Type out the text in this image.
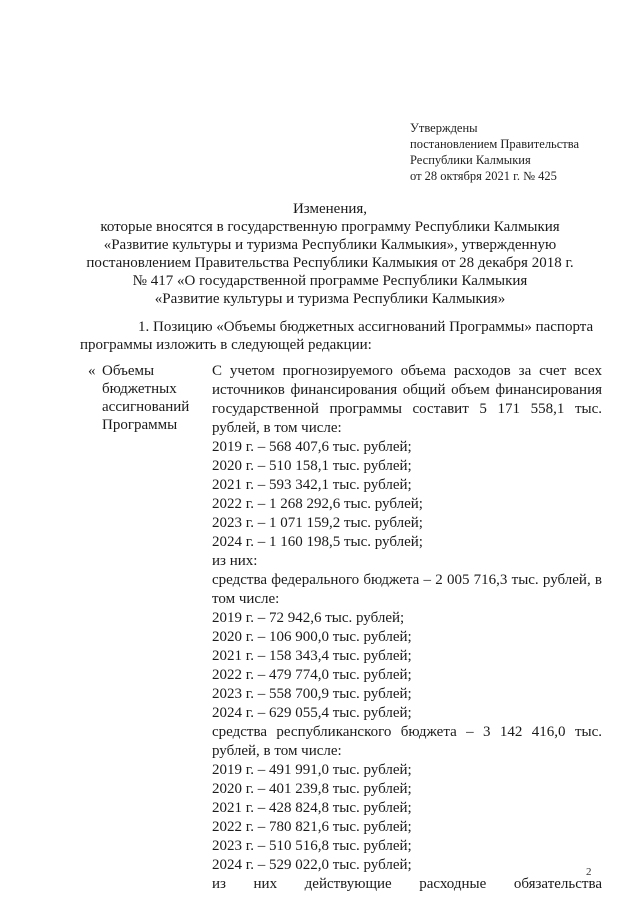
Утверждены
постановлением Правительства
Республики Калмыкия
от 28 октября 2021 г. № 425
Изменения,
которые вносятся в государственную программу Республики Калмыкия
«Развитие культуры и туризма Республики Калмыкия», утвержденную
постановлением Правительства Республики Калмыкия от 28 декабря 2018 г.
№ 417 «О государственной программе Республики Калмыкия
«Развитие культуры и туризма Республики Калмыкия»
1. Позицию «Объемы бюджетных ассигнований Программы» паспорта
программы изложить в следующей редакции:
« Объемы
бюджетных
ассигнований
Программы
С учетом прогнозируемого объема расходов за счет всех
источников финансирования общий объем финансирования
государственной программы составит 5 171 558,1 тыс.
рублей, в том числе:
2019 г. – 568 407,6 тыс. рублей;
2020 г. – 510 158,1 тыс. рублей;
2021 г. – 593 342,1 тыс. рублей;
2022 г. – 1 268 292,6 тыс. рублей;
2023 г. – 1 071 159,2 тыс. рублей;
2024 г. – 1 160 198,5 тыс. рублей;
из них:
средства федерального бюджета – 2 005 716,3 тыс. рублей, в
том числе:
2019 г. – 72 942,6 тыс. рублей;
2020 г. – 106 900,0 тыс. рублей;
2021 г. – 158 343,4 тыс. рублей;
2022 г. – 479 774,0 тыс. рублей;
2023 г. – 558 700,9 тыс. рублей;
2024 г. – 629 055,4 тыс. рублей;
средства республиканского бюджета – 3 142 416,0 тыс.
рублей, в том числе:
2019 г. – 491 991,0 тыс. рублей;
2020 г. – 401 239,8 тыс. рублей;
2021 г. – 428 824,8 тыс. рублей;
2022 г. – 780 821,6 тыс. рублей;
2023 г. – 510 516,8 тыс. рублей;
2024 г. – 529 022,0 тыс. рублей;
из них действующие расходные обязательства
2
